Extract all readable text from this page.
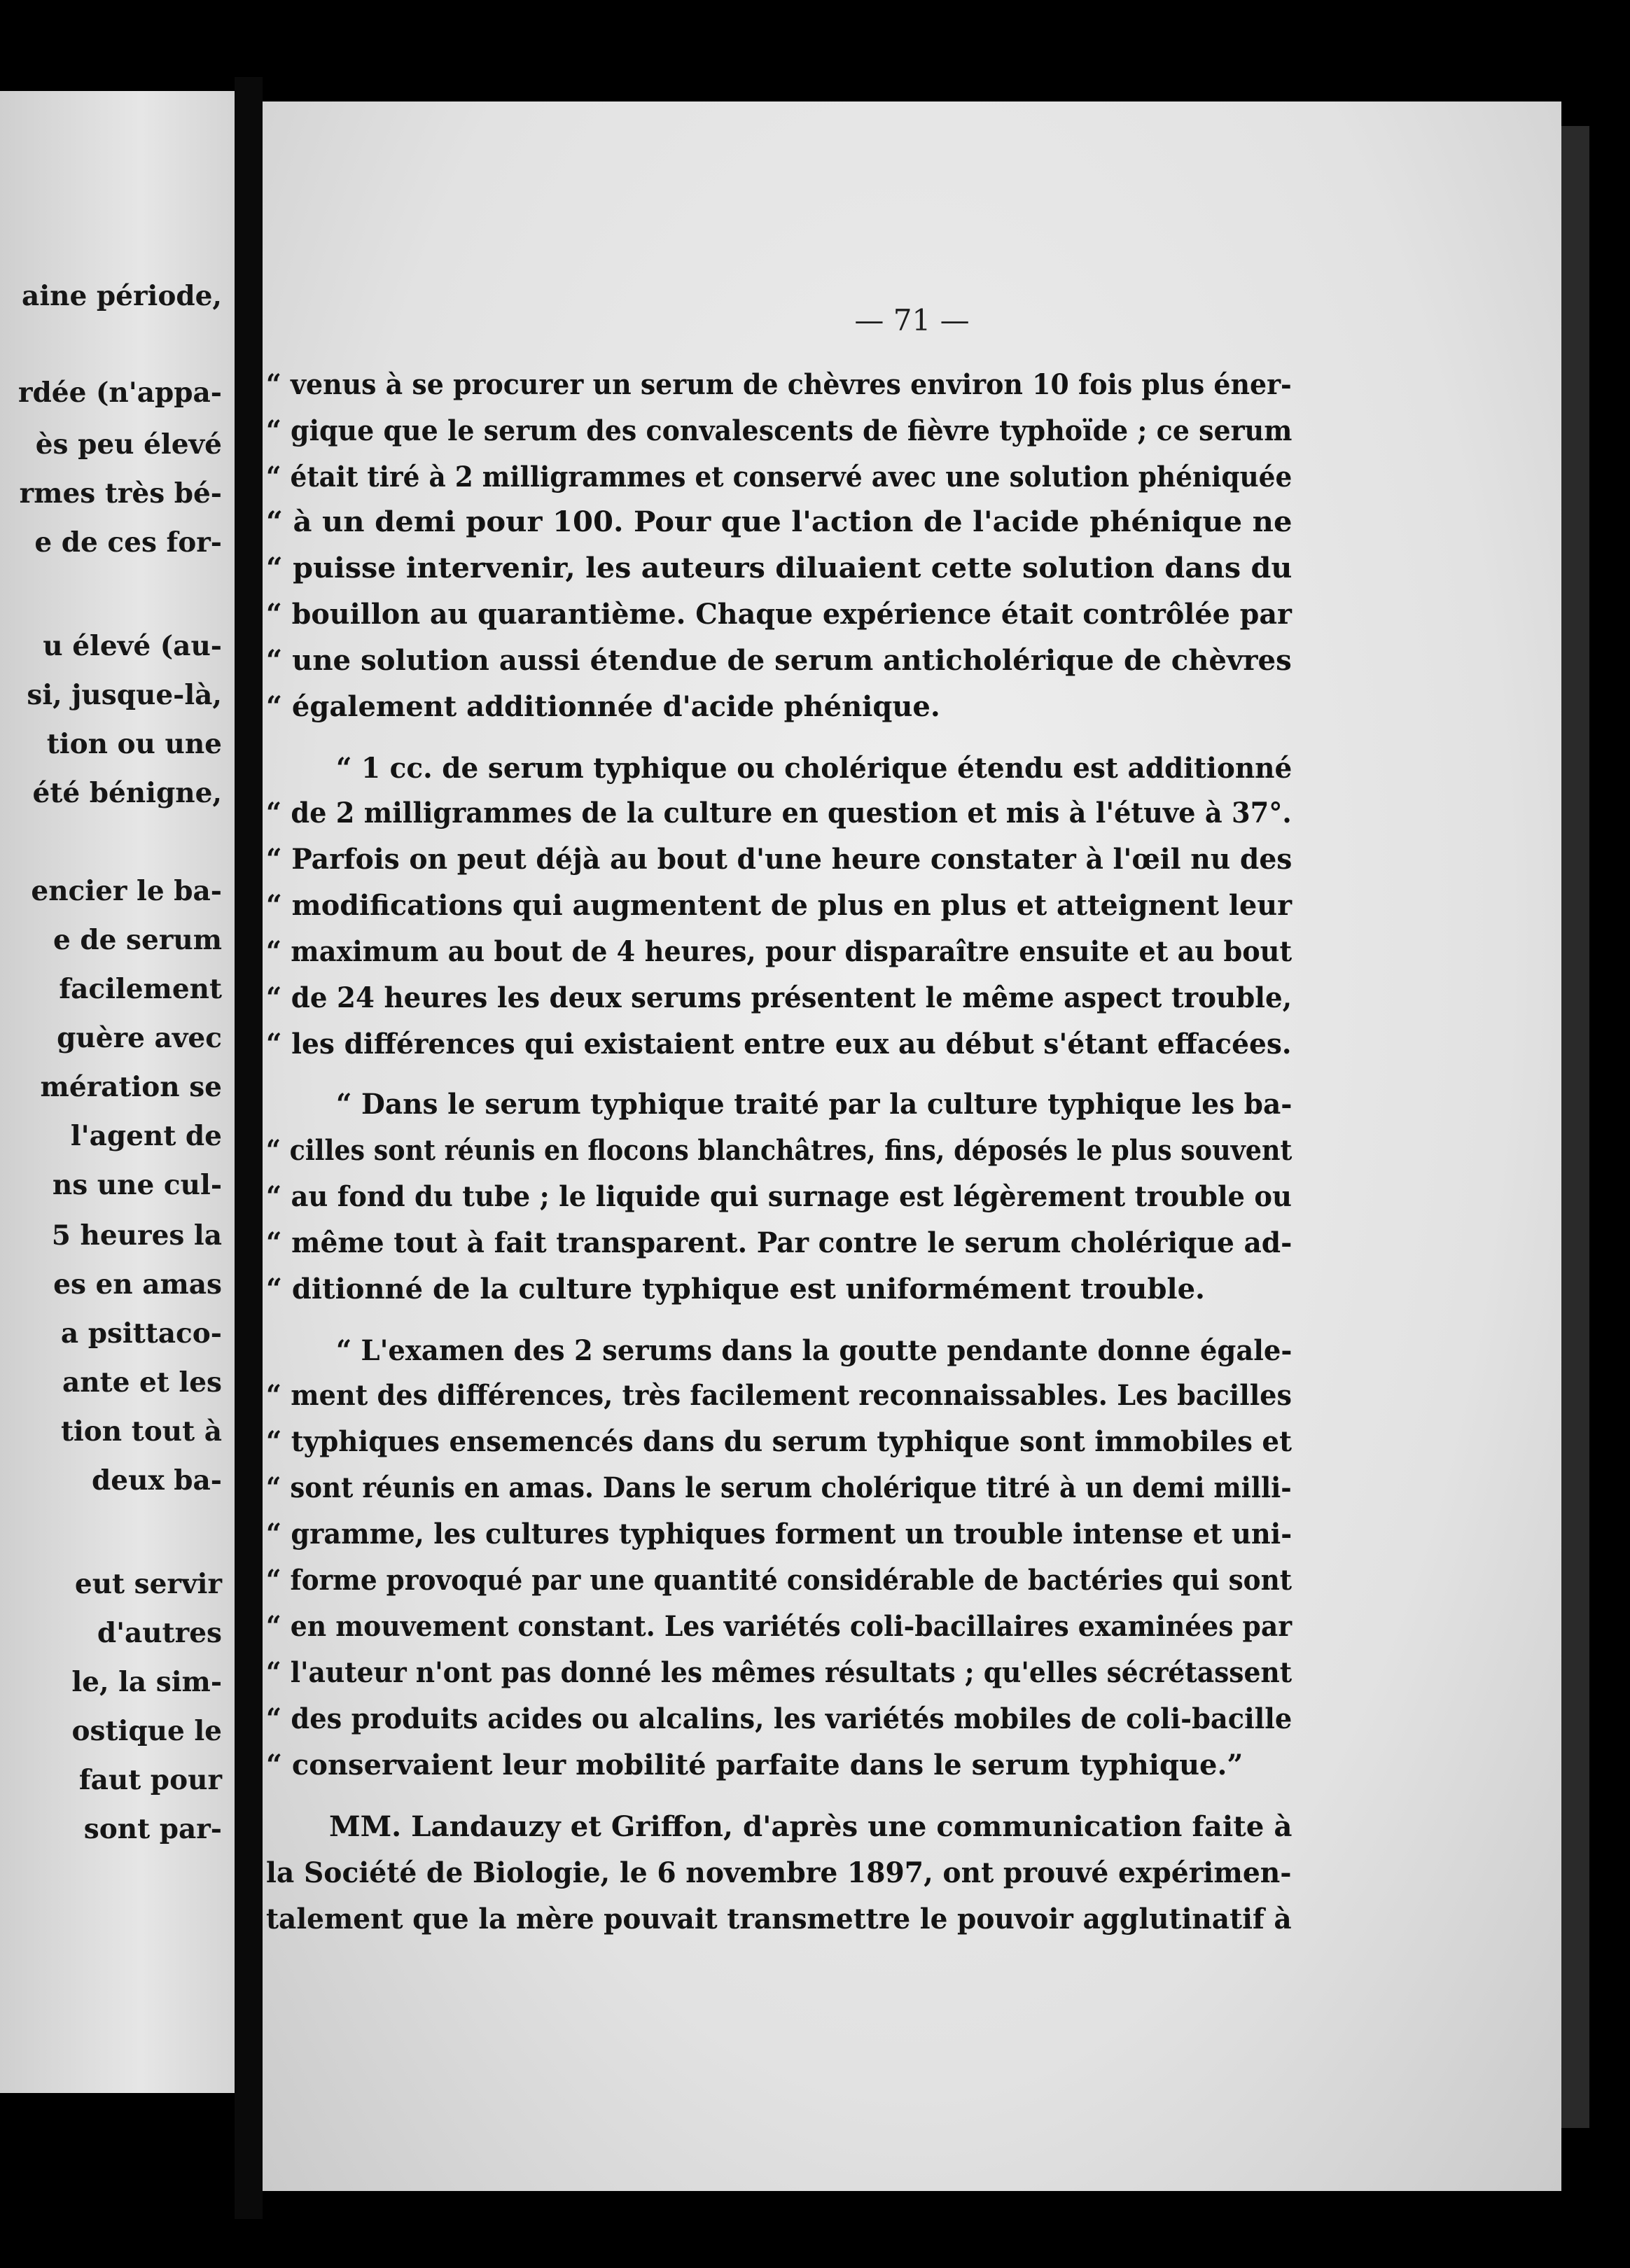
aine période,
rdée (n'appa-
ès peu élevé
rmes très bé-
e de ces for-
u élevé (au-
si, jusque-là,
tion ou une
été bénigne,
encier le ba-
e de serum
facilement
guère avec
mération se
l'agent de
ns une cul-
5 heures la
es en amas
a psittaco-
ante et les
tion tout à
deux ba-
eut servir
d'autres
le, la sim-
ostique le
faut pour
sont par-
— 71 —
“ venus à se procurer un serum de chèvres environ 10 fois plus éner-
“ gique que le serum des convalescents de fièvre typhoïde ; ce serum
“ était tiré à 2 milligrammes et conservé avec une solution phéniquée
“ à un demi pour 100. Pour que l'action de l'acide phénique ne
“ puisse intervenir, les auteurs diluaient cette solution dans du
“ bouillon au quarantième. Chaque expérience était contrôlée par
“ une solution aussi étendue de serum anticholérique de chèvres
“ également additionnée d'acide phénique.
“ 1 cc. de serum typhique ou cholérique étendu est additionné
“ de 2 milligrammes de la culture en question et mis à l'étuve à 37°.
“ Parfois on peut déjà au bout d'une heure constater à l'œil nu des
“ modifications qui augmentent de plus en plus et atteignent leur
“ maximum au bout de 4 heures, pour disparaître ensuite et au bout
“ de 24 heures les deux serums présentent le même aspect trouble,
“ les différences qui existaient entre eux au début s'étant effacées.
“ Dans le serum typhique traité par la culture typhique les ba-
“ cilles sont réunis en flocons blanchâtres, fins, déposés le plus souvent
“ au fond du tube ; le liquide qui surnage est légèrement trouble ou
“ même tout à fait transparent. Par contre le serum cholérique ad-
“ ditionné de la culture typhique est uniformément trouble.
“ L'examen des 2 serums dans la goutte pendante donne égale-
“ ment des différences, très facilement reconnaissables. Les bacilles
“ typhiques ensemencés dans du serum typhique sont immobiles et
“ sont réunis en amas. Dans le serum cholérique titré à un demi milli-
“ gramme, les cultures typhiques forment un trouble intense et uni-
“ forme provoqué par une quantité considérable de bactéries qui sont
“ en mouvement constant. Les variétés coli-bacillaires examinées par
“ l'auteur n'ont pas donné les mêmes résultats ; qu'elles sécrétassent
“ des produits acides ou alcalins, les variétés mobiles de coli-bacille
“ conservaient leur mobilité parfaite dans le serum typhique.”
MM. Landauzy et Griffon, d'après une communication faite à
la Société de Biologie, le 6 novembre 1897, ont prouvé expérimen-
talement que la mère pouvait transmettre le pouvoir agglutinatif à
